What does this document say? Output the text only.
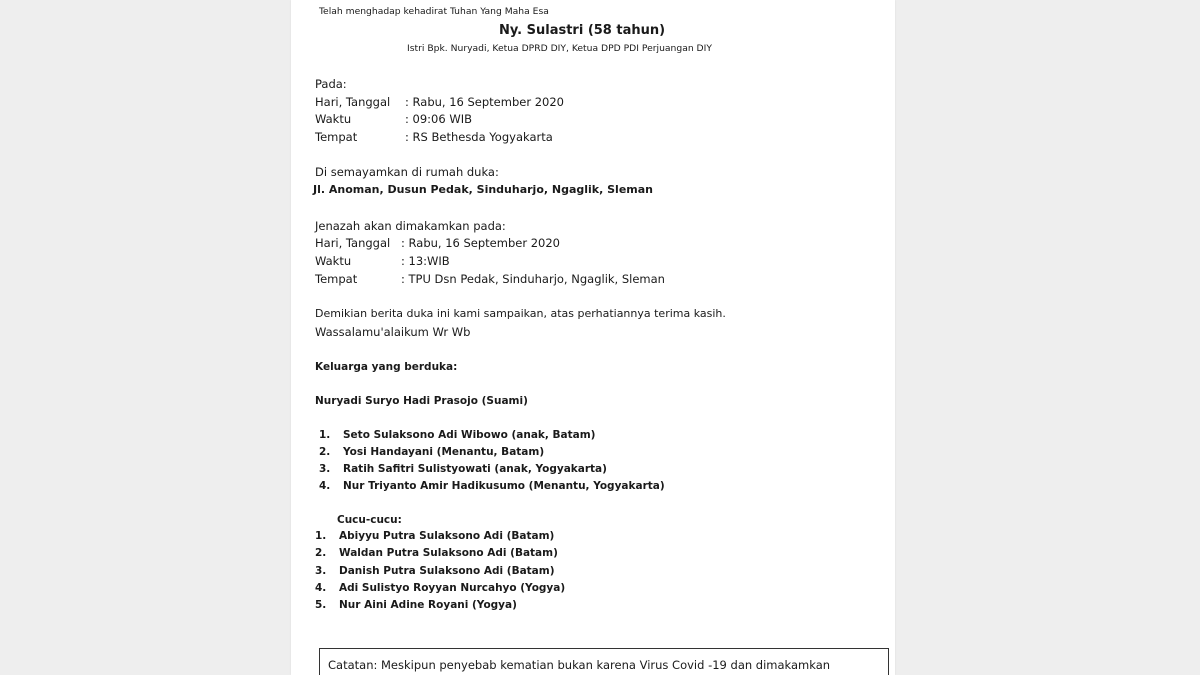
Telah menghadap kehadirat Tuhan Yang Maha Esa
Ny. Sulastri (58 tahun)
Istri Bpk. Nuryadi, Ketua DPRD DIY, Ketua DPD PDI Perjuangan DIY
Pada:
Hari, Tanggal : Rabu, 16 September 2020
Waktu	: 09:06 WIB
Tempat	: RS Bethesda Yogyakarta
Di semayamkan di rumah duka:
Jl. Anoman, Dusun Pedak, Sinduharjo, Ngaglik, Sleman
Jenazah akan dimakamkan pada:
Hari, Tanggal : Rabu, 16 September 2020
Waktu	: 13:WIB
Tempat	: TPU Dsn Pedak, Sinduharjo, Ngaglik, Sleman
Demikian berita duka ini kami sampaikan, atas perhatiannya terima kasih.
Wassalamu'alaikum Wr Wb
Keluarga yang berduka:
Nuryadi Suryo Hadi Prasojo (Suami)
1. Seto Sulaksono Adi Wibowo (anak, Batam)
2. Yosi Handayani (Menantu, Batam)
3. Ratih Safitri Sulistyowati (anak, Yogyakarta)
4. Nur Triyanto Amir Hadikusumo (Menantu, Yogyakarta)
Cucu-cucu:
1. Abiyyu Putra Sulaksono Adi (Batam)
2. Waldan Putra Sulaksono Adi (Batam)
3. Danish Putra Sulaksono Adi (Batam)
4. Adi Sulistyo Royyan Nurcahyo (Yogya)
5. Nur Aini Adine Royani (Yogya)
Catatan: Meskipun penyebab kematian bukan karena Virus Covid -19 dan dimakamkan
